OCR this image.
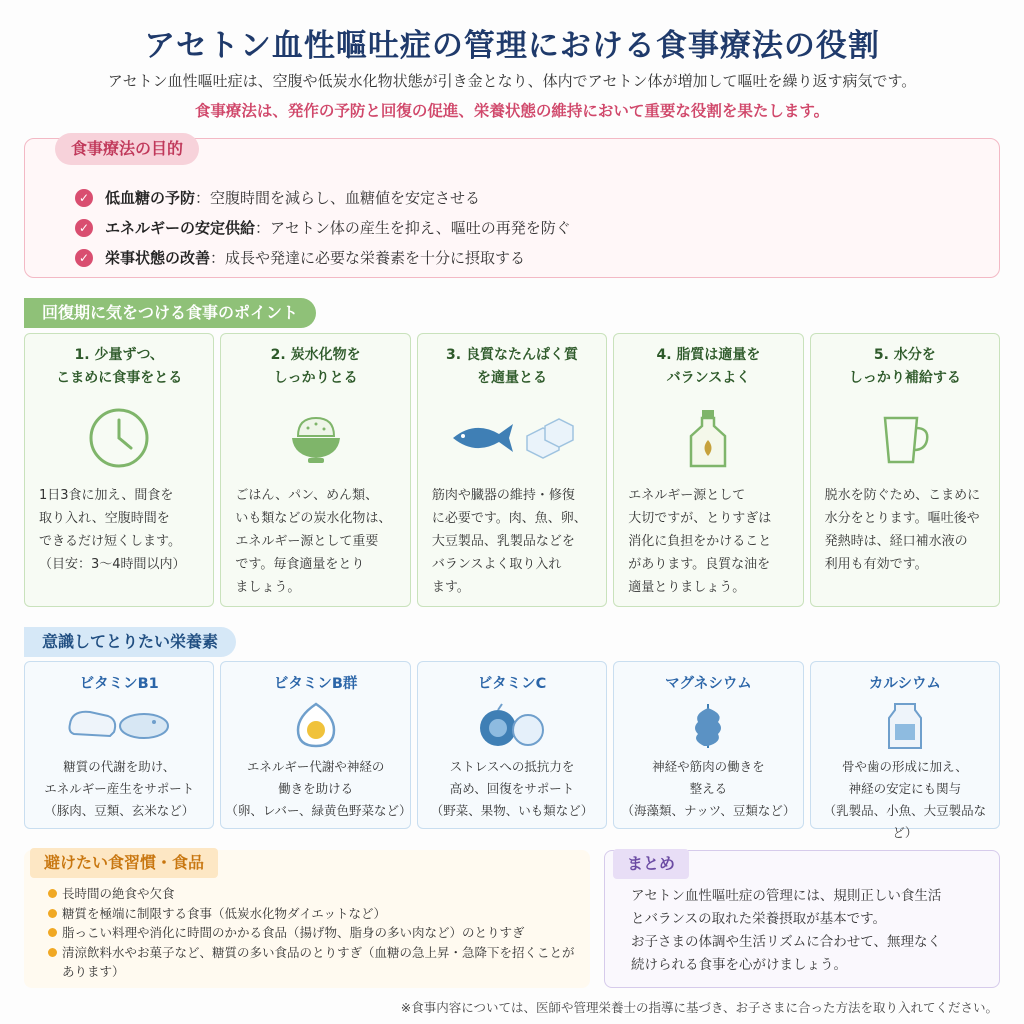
アセトン血性嘔吐症の管理における食事療法の役割
アセトン血性嘔吐症は、空腹や低炭水化物状態が引き金となり、体内でアセトン体が増加して嘔吐を繰り返す病気です。
食事療法は、発作の予防と回復の促進、栄養状態の維持において重要な役割を果たします。
食事療法の目的
✓ 低血糖の予防 ：空腹時間を減らし、血糖値を安定させる
✓ エネルギーの安定供給 ：アセトン体の産生を抑え、嘔吐の再発を防ぐ
✓ 栄事状態の改善 ：成長や発達に必要な栄養素を十分に摂取する
回復期に気をつける食事のポイント
1. 少量ずつ、
こまめに食事をとる
1日3食に加え、間食を
取り入れ、空腹時間を
できるだけ短くします。
（目安：3〜4時間以内）
2. 炭水化物を
しっかりとる
ごはん、パン、めん類、
いも類などの炭水化物は、
エネルギー源として重要
です。毎食適量をとり
ましょう。
3. 良質なたんぱく質
を適量とる
筋肉や臓器の維持・修復
に必要です。肉、魚、卵、
大豆製品、乳製品などを
バランスよく取り入れ
ます。
4. 脂質は適量を
バランスよく
エネルギー源として
大切ですが、とりすぎは
消化に負担をかけること
があります。良質な油を
適量とりましょう。
5. 水分を
しっかり補給する
脱水を防ぐため、こまめに
水分をとります。嘔吐後や
発熱時は、経口補水液の
利用も有効です。
意識してとりたい栄養素
ビタミンB1
糖質の代謝を助け、
エネルギー産生をサポート
（豚肉、豆類、玄米など）
ビタミンB群
エネルギー代謝や神経の
働きを助ける
（卵、レバー、緑黄色野菜など）
ビタミンC
ストレスへの抵抗力を
高め、回復をサポート
（野菜、果物、いも類など）
マグネシウム
神経や筋肉の働きを
整える
（海藻類、ナッツ、豆類など）
カルシウム
骨や歯の形成に加え、
神経の安定にも関与
（乳製品、小魚、大豆製品など）
避けたい食習慣・食品
長時間の絶食や欠食
糖質を極端に制限する食事（低炭水化物ダイエットなど）
脂っこい料理や消化に時間のかかる食品（揚げ物、脂身の多い肉など）のとりすぎ
清涼飲料水やお菓子など、糖質の多い食品のとりすぎ（血糖の急上昇・急降下を招くことがあります）
まとめ
アセトン血性嘔吐症の管理には、規則正しい食生活
とバランスの取れた栄養摂取が基本です。
お子さまの体調や生活リズムに合わせて、無理なく
続けられる食事を心がけましょう。
※食事内容については、医師や管理栄養士の指導に基づき、お子さまに合った方法を取り入れてください。
